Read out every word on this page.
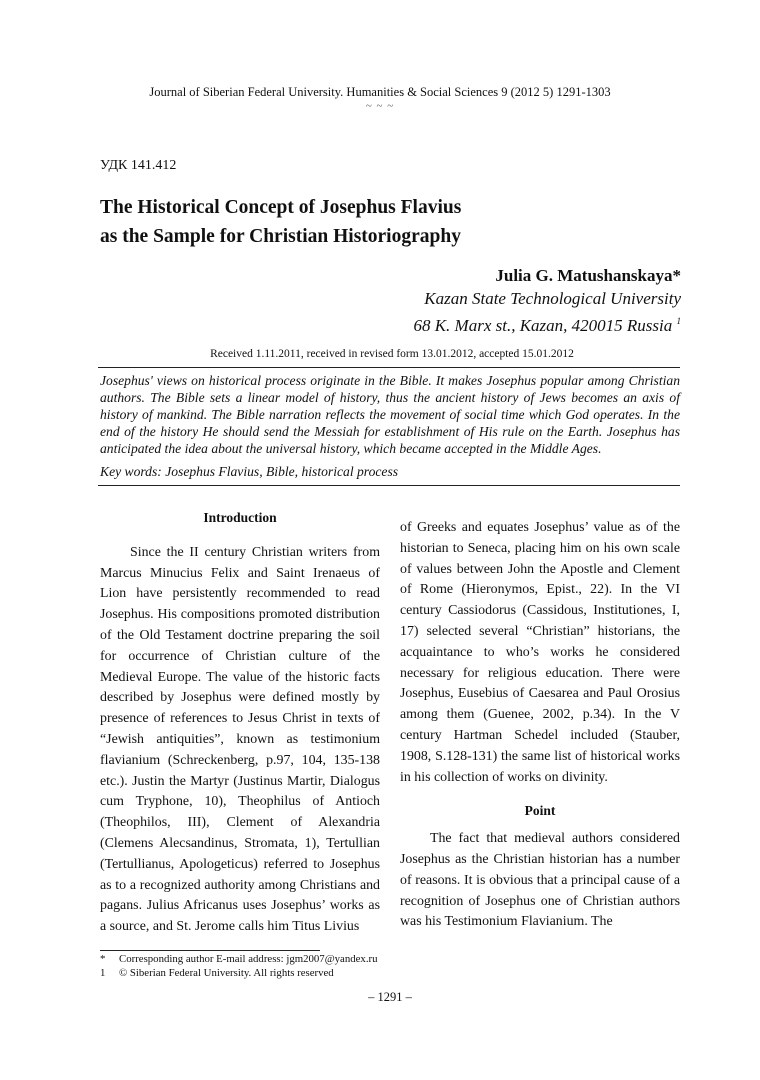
Journal of Siberian Federal University. Humanities & Social Sciences 9 (2012 5) 1291-1303
~ ~ ~
УДК 141.412
The Historical Concept of Josephus Flavius
as the Sample for Christian Historiography
Julia G. Matushanskaya*
Kazan State Technological University
68 K. Marx st., Kazan, 420015 Russia $^1$
Received 1.11.2011, received in revised form 13.01.2012, accepted 15.01.2012
Josephus' views on historical process originate in the Bible. It makes Josephus popular among Christian authors. The Bible sets a linear model of history, thus the ancient history of Jews becomes an axis of history of mankind. The Bible narration reflects the movement of social time which God operates. In the end of the history He should send the Messiah for establishment of His rule on the Earth. Josephus has anticipated the idea about the universal history, which became accepted in the Middle Ages.
Key words: Josephus Flavius, Bible, historical process
Introduction

Since the II century Christian writers from Marcus Minucius Felix and Saint Irenaeus of Lion have persistently recommended to read Josephus. His compositions promoted distribution of the Old Testament doctrine preparing the soil for occurrence of Christian culture of the Medieval Europe. The value of the historic facts described by Josephus were defined mostly by presence of references to Jesus Christ in texts of “Jewish antiquities”, known as testimonium flavianium (Schreckenberg, p.97, 104, 135-138 etc.). Justin the Martyr (Justinus Martir, Dialogus cum Tryphone, 10), Theophilus of Antioch (Theophilos, III), Clement of Alexandria (Clemens Alecsandinus, Stromata, 1), Tertullian (Tertullianus, Apologeticus) referred to Josephus as to a recognized authority among Christians and pagans. Julius Africanus uses Josephus’ works as a source, and St. Jerome calls him Titus Livius

of Greeks and equates Josephus’ value as of the historian to Seneca, placing him on his own scale of values between John the Apostle and Clement of Rome (Hieronymos, Epist., 22). In the VI century Cassiodorus (Cassidous, Institutiones, I, 17) selected several “Christian” historians, the acquaintance to who’s works he considered necessary for religious education. There were Josephus, Eusebius of Caesarea and Paul Orosius among them (Guenee, 2002, p.34). In the V century Hartman Schedel included (Stauber, 1908, S.128-131) the same list of historical works in his collection of works on divinity.

Point

The fact that medieval authors considered Josephus as the Christian historian has a number of reasons. It is obvious that a principal cause of a recognition of Josephus one of Christian authors was his Testimonium Flavianium. The

* Corresponding author E-mail address: jgm2007@yandex.ru
1 © Siberian Federal University. All rights reserved
– 1291 –
